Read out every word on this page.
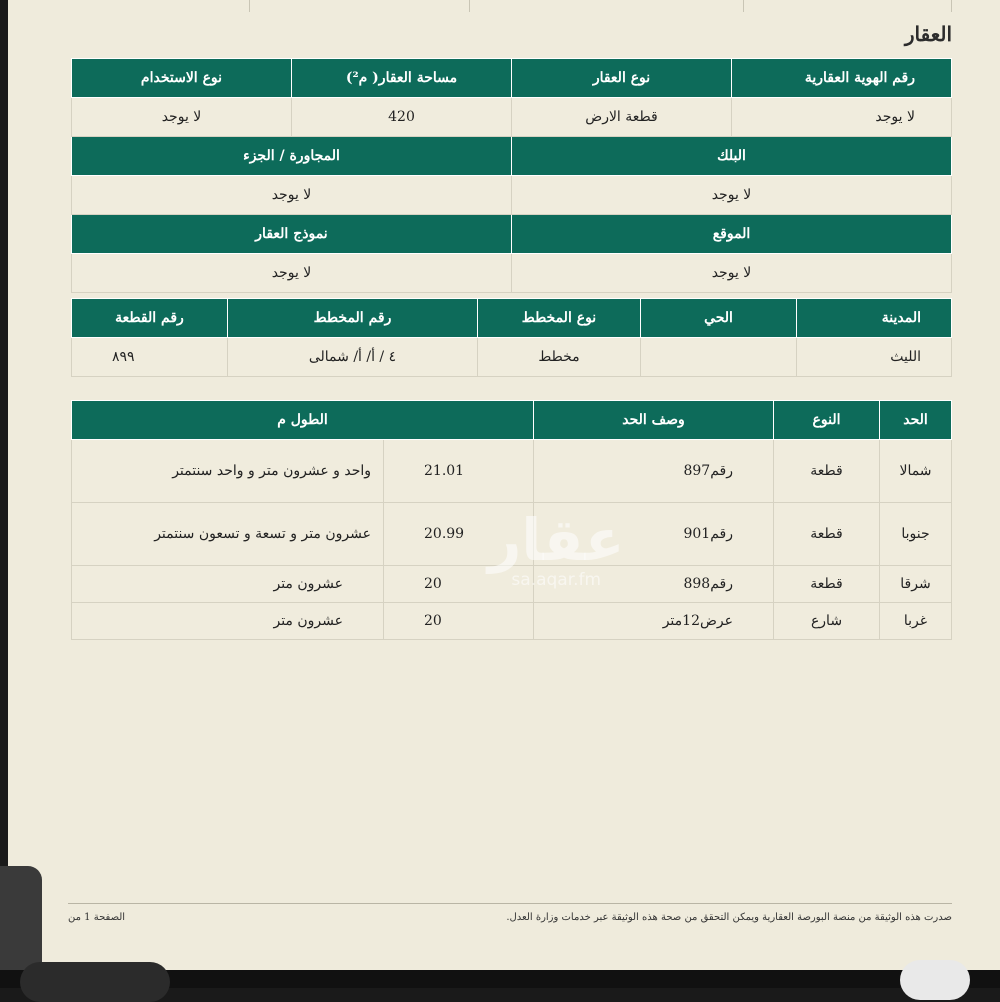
العقار
رقم الهوية العقارية	نوع العقار	مساحة العقار( م²)	نوع الاستخدام
لا يوجد	قطعة الارض	420	لا يوجد
البلك		المجاورة / الجزء	
لا يوجد		لا يوجد	
الموقع		نموذج العقار	
لا يوجد		لا يوجد	
المدينة	الحي	نوع المخطط	رقم المخطط	رقم القطعة
الليث		مخطط	٤ / أ/ أ/ شمالى	٨٩٩
الحد	النوع	وصف الحد	الطول م	
شمالا	قطعة	رقم897	21.01	واحد و عشرون متر و واحد سنتمتر
جنوبا	قطعة	رقم901	20.99	عشرون متر و تسعة و تسعون سنتمتر
شرقا	قطعة	رقم898	20	عشرون متر
غربا	شارع	عرض12متر	20	عشرون متر
عقار
sa.aqar.fm
صدرت هذه الوثيقة من منصة البورصة العقارية ويمكن التحقق من صحة هذه الوثيقة عبر خدمات وزارة العدل.
الصفحة 1 من
